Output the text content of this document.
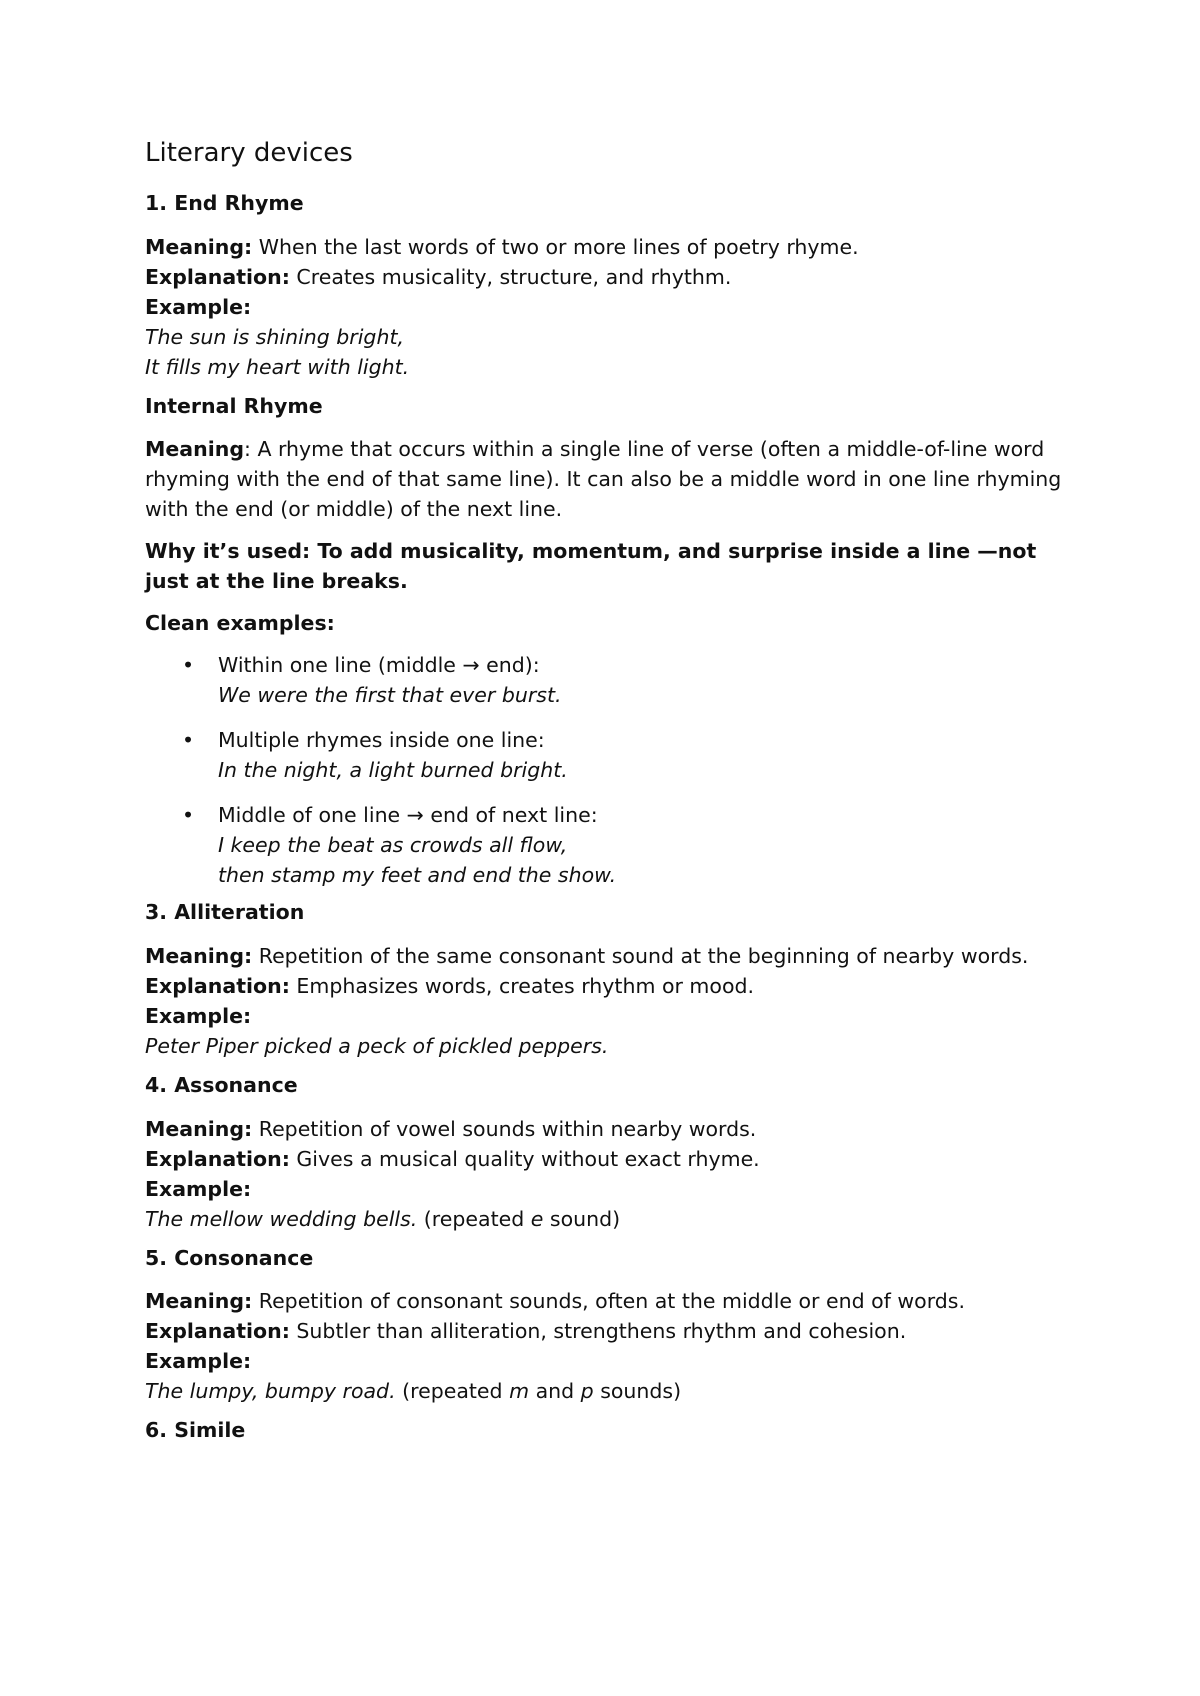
Literary devices
1. End Rhyme

Meaning: When the last words of two or more lines of poetry rhyme.

Explanation: Creates musicality, structure, and rhythm.

Example:

The sun is shining bright,

It fills my heart with light.

Internal Rhyme

Meaning: A rhyme that occurs within a single line of verse (often a middle-of-line word rhyming with the end of that same line). It can also be a middle word in one line rhyming with the end (or middle) of the next line.

Why it’s used: To add musicality, momentum, and surprise inside a line —not just at the line breaks.

Clean examples:

• Within one line (middle → end):
We were the first that ever burst.
• Multiple rhymes inside one line:
In the night, a light burned bright.
• Middle of one line → end of next line:
I keep the beat as crowds all flow,
then stamp my feet and end the show.
3. Alliteration

Meaning: Repetition of the same consonant sound at the beginning of nearby words.

Explanation: Emphasizes words, creates rhythm or mood.

Example:

Peter Piper picked a peck of pickled peppers.

4. Assonance

Meaning: Repetition of vowel sounds within nearby words.

Explanation: Gives a musical quality without exact rhyme.

Example:

The mellow wedding bells. (repeated e sound)

5. Consonance

Meaning: Repetition of consonant sounds, often at the middle or end of words.

Explanation: Subtler than alliteration, strengthens rhythm and cohesion.

Example:

The lumpy, bumpy road. (repeated m and p sounds)

6. Simile
